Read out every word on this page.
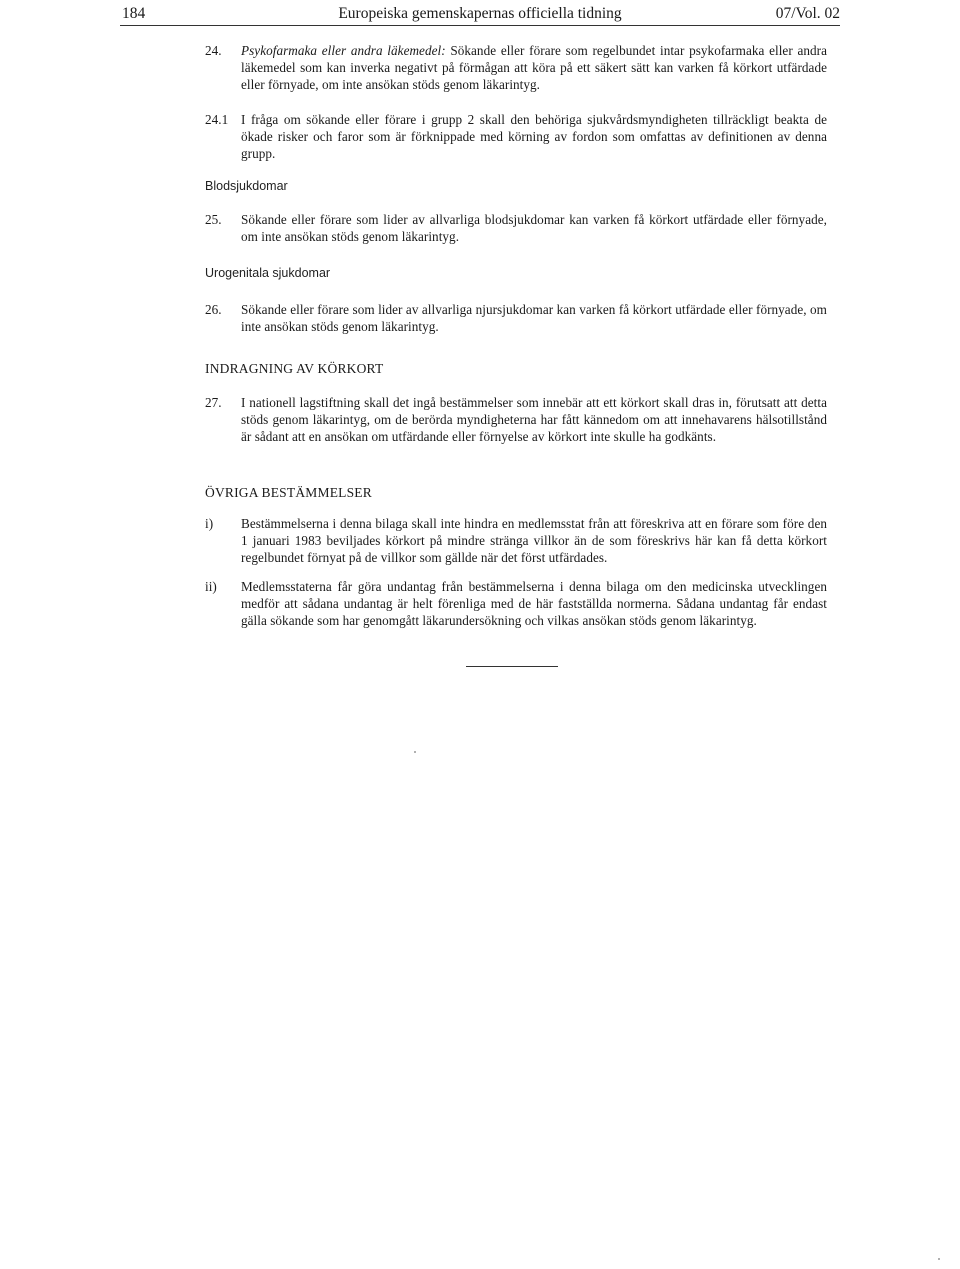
184	Europeiska gemenskapernas officiella tidning	07/Vol. 02
24. Psykofarmaka eller andra läkemedel: Sökande eller förare som regelbundet intar psykofarmaka eller andra läkemedel som kan inverka negativt på förmågan att köra på ett säkert sätt kan varken få körkort utfärdade eller förnyade, om inte ansökan stöds genom läkarintyg.

24.1 I fråga om sökande eller förare i grupp 2 skall den behöriga sjukvårdsmyndigheten tillräckligt beakta de ökade risker och faror som är förknippade med körning av fordon som omfattas av definitionen av denna grupp.

Blodsjukdomar
25. Sökande eller förare som lider av allvarliga blodsjukdomar kan varken få körkort utfärdade eller förnyade, om inte ansökan stöds genom läkarintyg.

Urogenitala sjukdomar
26. Sökande eller förare som lider av allvarliga njursjukdomar kan varken få körkort utfärdade eller förnyade, om inte ansökan stöds genom läkarintyg.

INDRAGNING AV KÖRKORT
27. I nationell lagstiftning skall det ingå bestämmelser som innebär att ett körkort skall dras in, förutsatt att detta stöds genom läkarintyg, om de berörda myndigheterna har fått kännedom om att innehavarens hälsotillstånd är sådant att en ansökan om utfärdande eller förnyelse av körkort inte skulle ha godkänts.

ÖVRIGA BESTÄMMELSER
i) Bestämmelserna i denna bilaga skall inte hindra en medlemsstat från att föreskriva att en förare som före den 1 januari 1983 beviljades körkort på mindre stränga villkor än de som föreskrivs här kan få detta körkort regelbundet förnyat på de villkor som gällde när det först utfärdades.

ii) Medlemsstaterna får göra undantag från bestämmelserna i denna bilaga om den medicinska utvecklingen medför att sådana undantag är helt förenliga med de här fastställda normerna. Sådana undantag får endast gälla sökande som har genomgått läkarundersökning och vilkas ansökan stöds genom läkarintyg.
